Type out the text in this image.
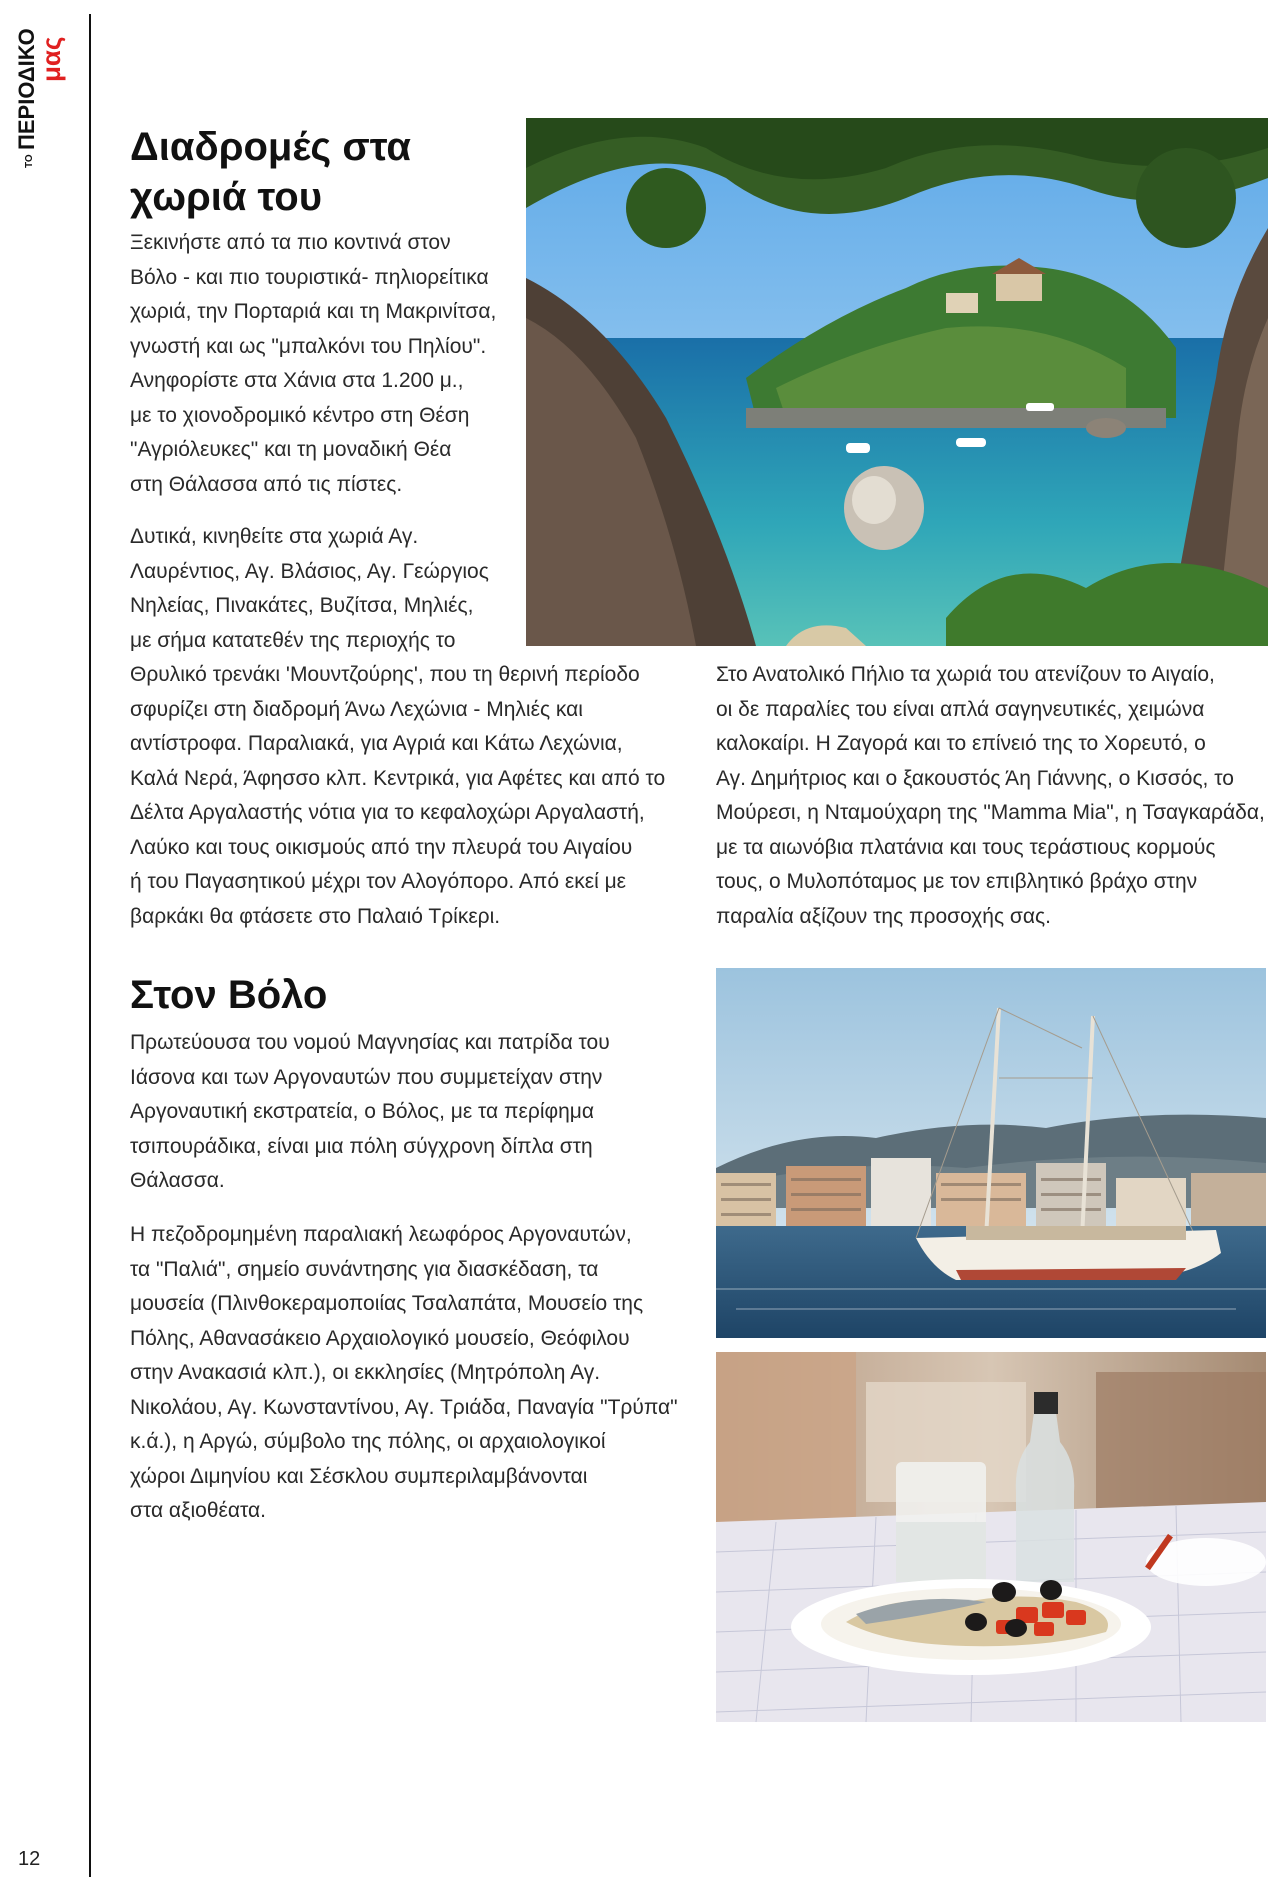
ΤΟ
ΠΕΡΙΟΔΙΚΟ
μας
12
Διαδρομές στα
χωριά του

Ξεκινήστε από τα πιο κοντινά στον

Βόλο - και πιο τουριστικά- πηλιορείτικα

χωριά, την Πορταριά και τη Μακρινίτσα,

γνωστή και ως "μπαλκόνι του Πηλίου".

Ανηφορίστε στα Χάνια στα 1.200 μ.,

με το χιονοδρομικό κέντρο στη Θέση

"Αγριόλευκες" και τη μοναδική Θέα

στη Θάλασσα από τις πίστες.

Δυτικά, κινηθείτε στα χωριά Αγ.

Λαυρέντιος, Αγ. Βλάσιος, Αγ. Γεώργιος

Νηλείας, Πινακάτες, Βυζίτσα, Μηλιές,

με σήμα κατατεθέν της περιοχής το

Θρυλικό τρενάκι 'Μουντζούρης', που τη θερινή περίοδο

σφυρίζει στη διαδρομή Άνω Λεχώνια - Μηλιές και

αντίστροφα. Παραλιακά, για Αγριά και Κάτω Λεχώνια,

Καλά Νερά, Άφησσο κλπ. Κεντρικά, για Αφέτες και από το

Δέλτα Αργαλαστής νότια για το κεφαλοχώρι Αργαλαστή,

Λαύκο και τους οικισμούς από την πλευρά του Αιγαίου

ή του Παγασητικού μέχρι τον Αλογόπορο. Από εκεί με

βαρκάκι θα φτάσετε στο Παλαιό Τρίκερι.

Στο Ανατολικό Πήλιο τα χωριά του ατενίζουν το Αιγαίο,

οι δε παραλίες του είναι απλά σαγηνευτικές, χειμώνα

καλοκαίρι. Η Ζαγορά και το επίνειό της το Χορευτό, ο

Αγ. Δημήτριος και ο ξακουστός Άη Γιάννης, ο Κισσός, το

Μούρεσι, η Νταμούχαρη της "Mamma Mia", η Τσαγκαράδα,

με τα αιωνόβια πλατάνια και τους τεράστιους κορμούς

τους, ο Μυλοπόταμος με τον επιβλητικό βράχο στην

παραλία αξίζουν της προσοχής σας.

Στον Βόλο

Πρωτεύουσα του νομού Μαγνησίας και πατρίδα του

Ιάσονα και των Αργοναυτών που συμμετείχαν στην

Αργοναυτική εκστρατεία, ο Βόλος, με τα περίφημα

τσιπουράδικα, είναι μια πόλη σύγχρονη δίπλα στη

Θάλασσα.

Η πεζοδρομημένη παραλιακή λεωφόρος Αργοναυτών,

τα "Παλιά", σημείο συνάντησης για διασκέδαση, τα

μουσεία (Πλινθοκεραμοποιίας Τσαλαπάτα, Μουσείο της

Πόλης, Αθανασάκειο Αρχαιολογικό μουσείο, Θεόφιλου

στην Ανακασιά κλπ.), οι εκκλησίες (Μητρόπολη Αγ.

Νικολάου, Αγ. Κωνσταντίνου, Αγ. Τριάδα, Παναγία "Τρύπα"

κ.ά.), η Αργώ, σύμβολο της πόλης, οι αρχαιολογικοί

χώροι Διμηνίου και Σέσκλου συμπεριλαμβάνονται

στα αξιοθέατα.
